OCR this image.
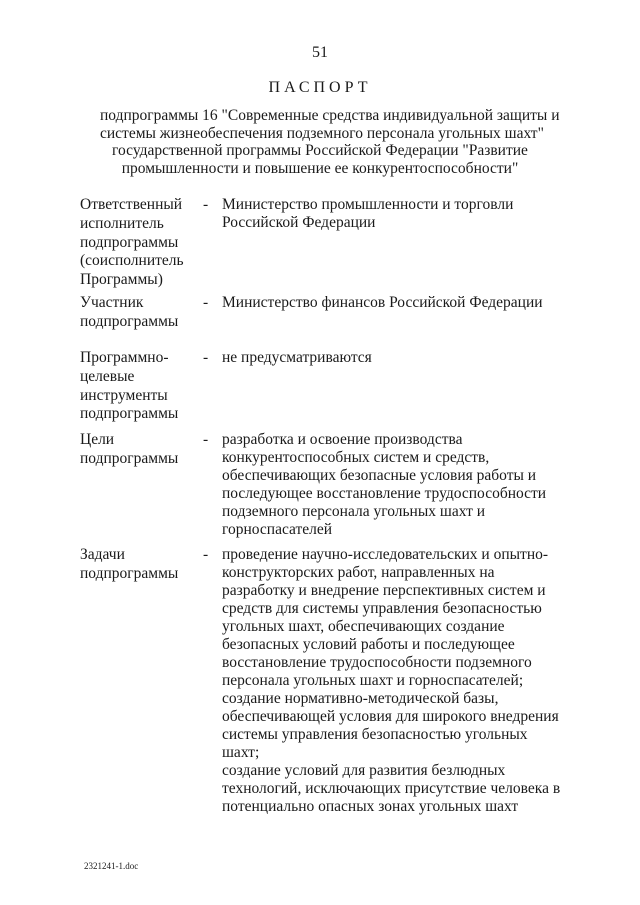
51
ПАСПОРТ
подпрограммы 16 "Современные средства индивидуальной защиты и
системы жизнеобеспечения подземного персонала угольных шахт"
государственной программы Российской Федерации "Развитие
промышленности и повышение ее конкурентоспособности"
Ответственный
исполнитель
подпрограммы
(соисполнитель
Программы)
- Министерство промышленности и торговли
Российской Федерации
Участник
подпрограммы
- Министерство финансов Российской Федерации
Программно-
целевые
инструменты
подпрограммы
- не предусматриваются
Цели
подпрограммы
- разработка и освоение производства
конкурентоспособных систем и средств,
обеспечивающих безопасные условия работы и
последующее восстановление трудоспособности
подземного персонала угольных шахт и
горноспасателей
Задачи
подпрограммы
- проведение научно-исследовательских и опытно-
конструкторских работ, направленных на
разработку и внедрение перспективных систем и
средств для системы управления безопасностью
угольных шахт, обеспечивающих создание
безопасных условий работы и последующее
восстановление трудоспособности подземного
персонала угольных шахт и горноспасателей;
создание нормативно-методической базы,
обеспечивающей условия для широкого внедрения
системы управления безопасностью угольных
шахт;
создание условий для развития безлюдных
технологий, исключающих присутствие человека в
потенциально опасных зонах угольных шахт
2321241-1.doc
